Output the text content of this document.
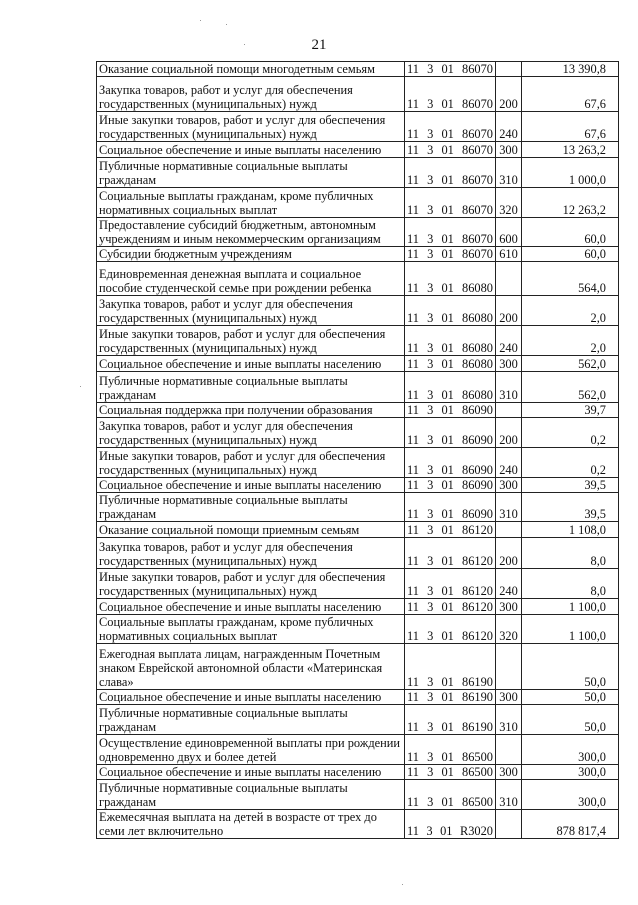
21
Оказание социальной помощи многодетным семьям	11 3 01 86070		13 390,8
Закупка товаров, работ и услуг для обеспечения государственных (муниципальных) нужд	11 3 01 86070	200	67,6
Иные закупки товаров, работ и услуг для обеспечения государственных (муниципальных) нужд	11 3 01 86070	240	67,6
Социальное обеспечение и иные выплаты населению	11 3 01 86070	300	13 263,2
Публичные нормативные социальные выплаты гражданам	11 3 01 86070	310	1 000,0
Социальные выплаты гражданам, кроме публичных нормативных социальных выплат	11 3 01 86070	320	12 263,2
Предоставление субсидий бюджетным, автономным учреждениям и иным некоммерческим организациям	11 3 01 86070	600	60,0
Субсидии бюджетным учреждениям	11 3 01 86070	610	60,0
Единовременная денежная выплата и социальное пособие студенческой семье при рождении ребенка	11 3 01 86080		564,0
Закупка товаров, работ и услуг для обеспечения государственных (муниципальных) нужд	11 3 01 86080	200	2,0
Иные закупки товаров, работ и услуг для обеспечения государственных (муниципальных) нужд	11 3 01 86080	240	2,0
Социальное обеспечение и иные выплаты населению	11 3 01 86080	300	562,0
Публичные нормативные социальные выплаты гражданам	11 3 01 86080	310	562,0
Социальная поддержка при получении образования	11 3 01 86090		39,7
Закупка товаров, работ и услуг для обеспечения государственных (муниципальных) нужд	11 3 01 86090	200	0,2
Иные закупки товаров, работ и услуг для обеспечения государственных (муниципальных) нужд	11 3 01 86090	240	0,2
Социальное обеспечение и иные выплаты населению	11 3 01 86090	300	39,5
Публичные нормативные социальные выплаты гражданам	11 3 01 86090	310	39,5
Оказание социальной помощи приемным семьям	11 3 01 86120		1 108,0
Закупка товаров, работ и услуг для обеспечения государственных (муниципальных) нужд	11 3 01 86120	200	8,0
Иные закупки товаров, работ и услуг для обеспечения государственных (муниципальных) нужд	11 3 01 86120	240	8,0
Социальное обеспечение и иные выплаты населению	11 3 01 86120	300	1 100,0
Социальные выплаты гражданам, кроме публичных нормативных социальных выплат	11 3 01 86120	320	1 100,0
Ежегодная выплата лицам, награжденным Почетным знаком Еврейской автономной области «Материнская слава»	11 3 01 86190		50,0
Социальное обеспечение и иные выплаты населению	11 3 01 86190	300	50,0
Публичные нормативные социальные выплаты гражданам	11 3 01 86190	310	50,0
Осуществление единовременной выплаты при рождении одновременно двух и более детей	11 3 01 86500		300,0
Социальное обеспечение и иные выплаты населению	11 3 01 86500	300	300,0
Публичные нормативные социальные выплаты гражданам	11 3 01 86500	310	300,0
Ежемесячная выплата на детей в возрасте от трех до семи лет включительно	11 3 01 R3020		878 817,4
